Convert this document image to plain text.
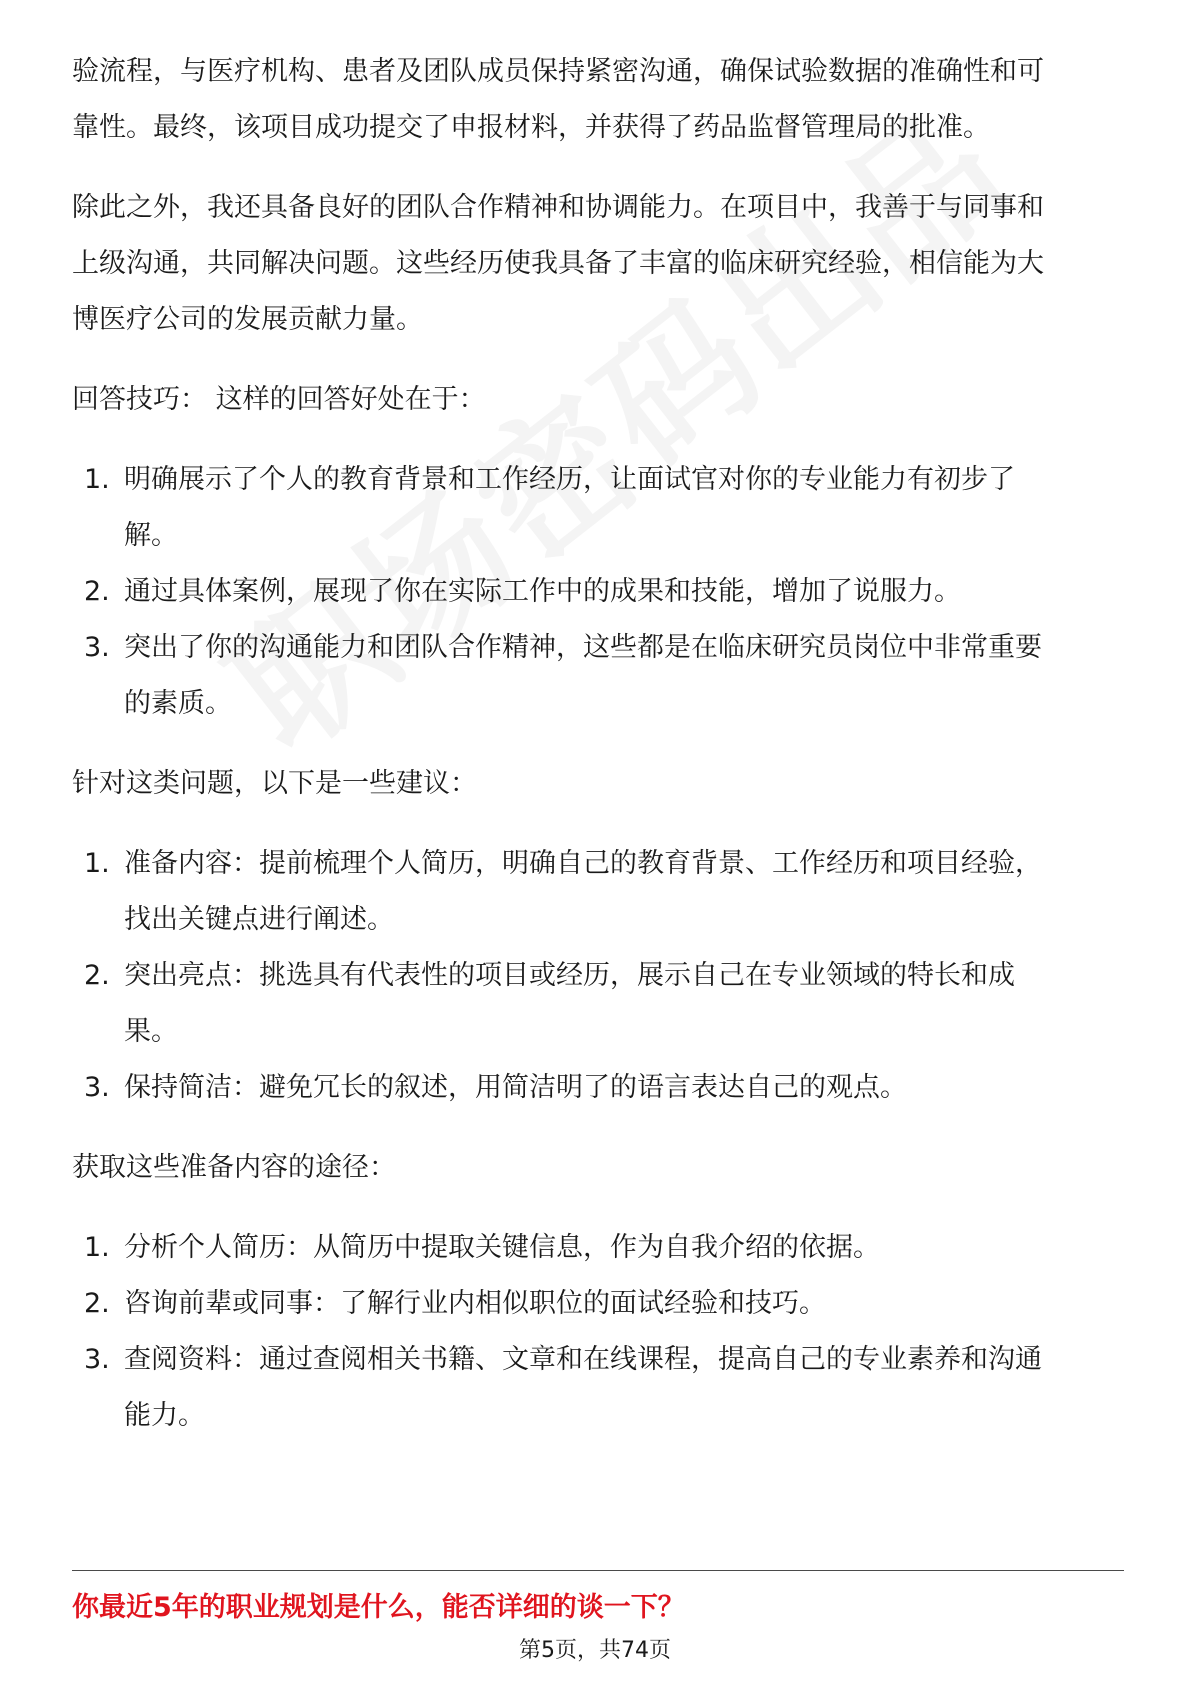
验流程，与医疗机构、患者及团队成员保持紧密沟通，确保试验数据的准确性和可
靠性。最终，该项目成功提交了申报材料，并获得了药品监督管理局的批准。

除此之外，我还具备良好的团队合作精神和协调能力。在项目中，我善于与同事和
上级沟通，共同解决问题。这些经历使我具备了丰富的临床研究经验，相信能为大
博医疗公司的发展贡献力量。

回答技巧： 这样的回答好处在于：

1. 明确展示了个人的教育背景和工作经历，让面试官对你的专业能力有初步了
解。
2. 通过具体案例，展现了你在实际工作中的成果和技能，增加了说服力。
3. 突出了你的沟通能力和团队合作精神，这些都是在临床研究员岗位中非常重要
的素质。

针对这类问题，以下是一些建议：

1. 准备内容：提前梳理个人简历，明确自己的教育背景、工作经历和项目经验，
找出关键点进行阐述。
2. 突出亮点：挑选具有代表性的项目或经历，展示自己在专业领域的特长和成
果。
3. 保持简洁：避免冗长的叙述，用简洁明了的语言表达自己的观点。

获取这些准备内容的途径：

1. 分析个人简历：从简历中提取关键信息，作为自我介绍的依据。
2. 咨询前辈或同事：了解行业内相似职位的面试经验和技巧。
3. 查阅资料：通过查阅相关书籍、文章和在线课程，提高自己的专业素养和沟通
能力。
你最近5年的职业规划是什么，能否详细的谈一下？
第5页，共74页
